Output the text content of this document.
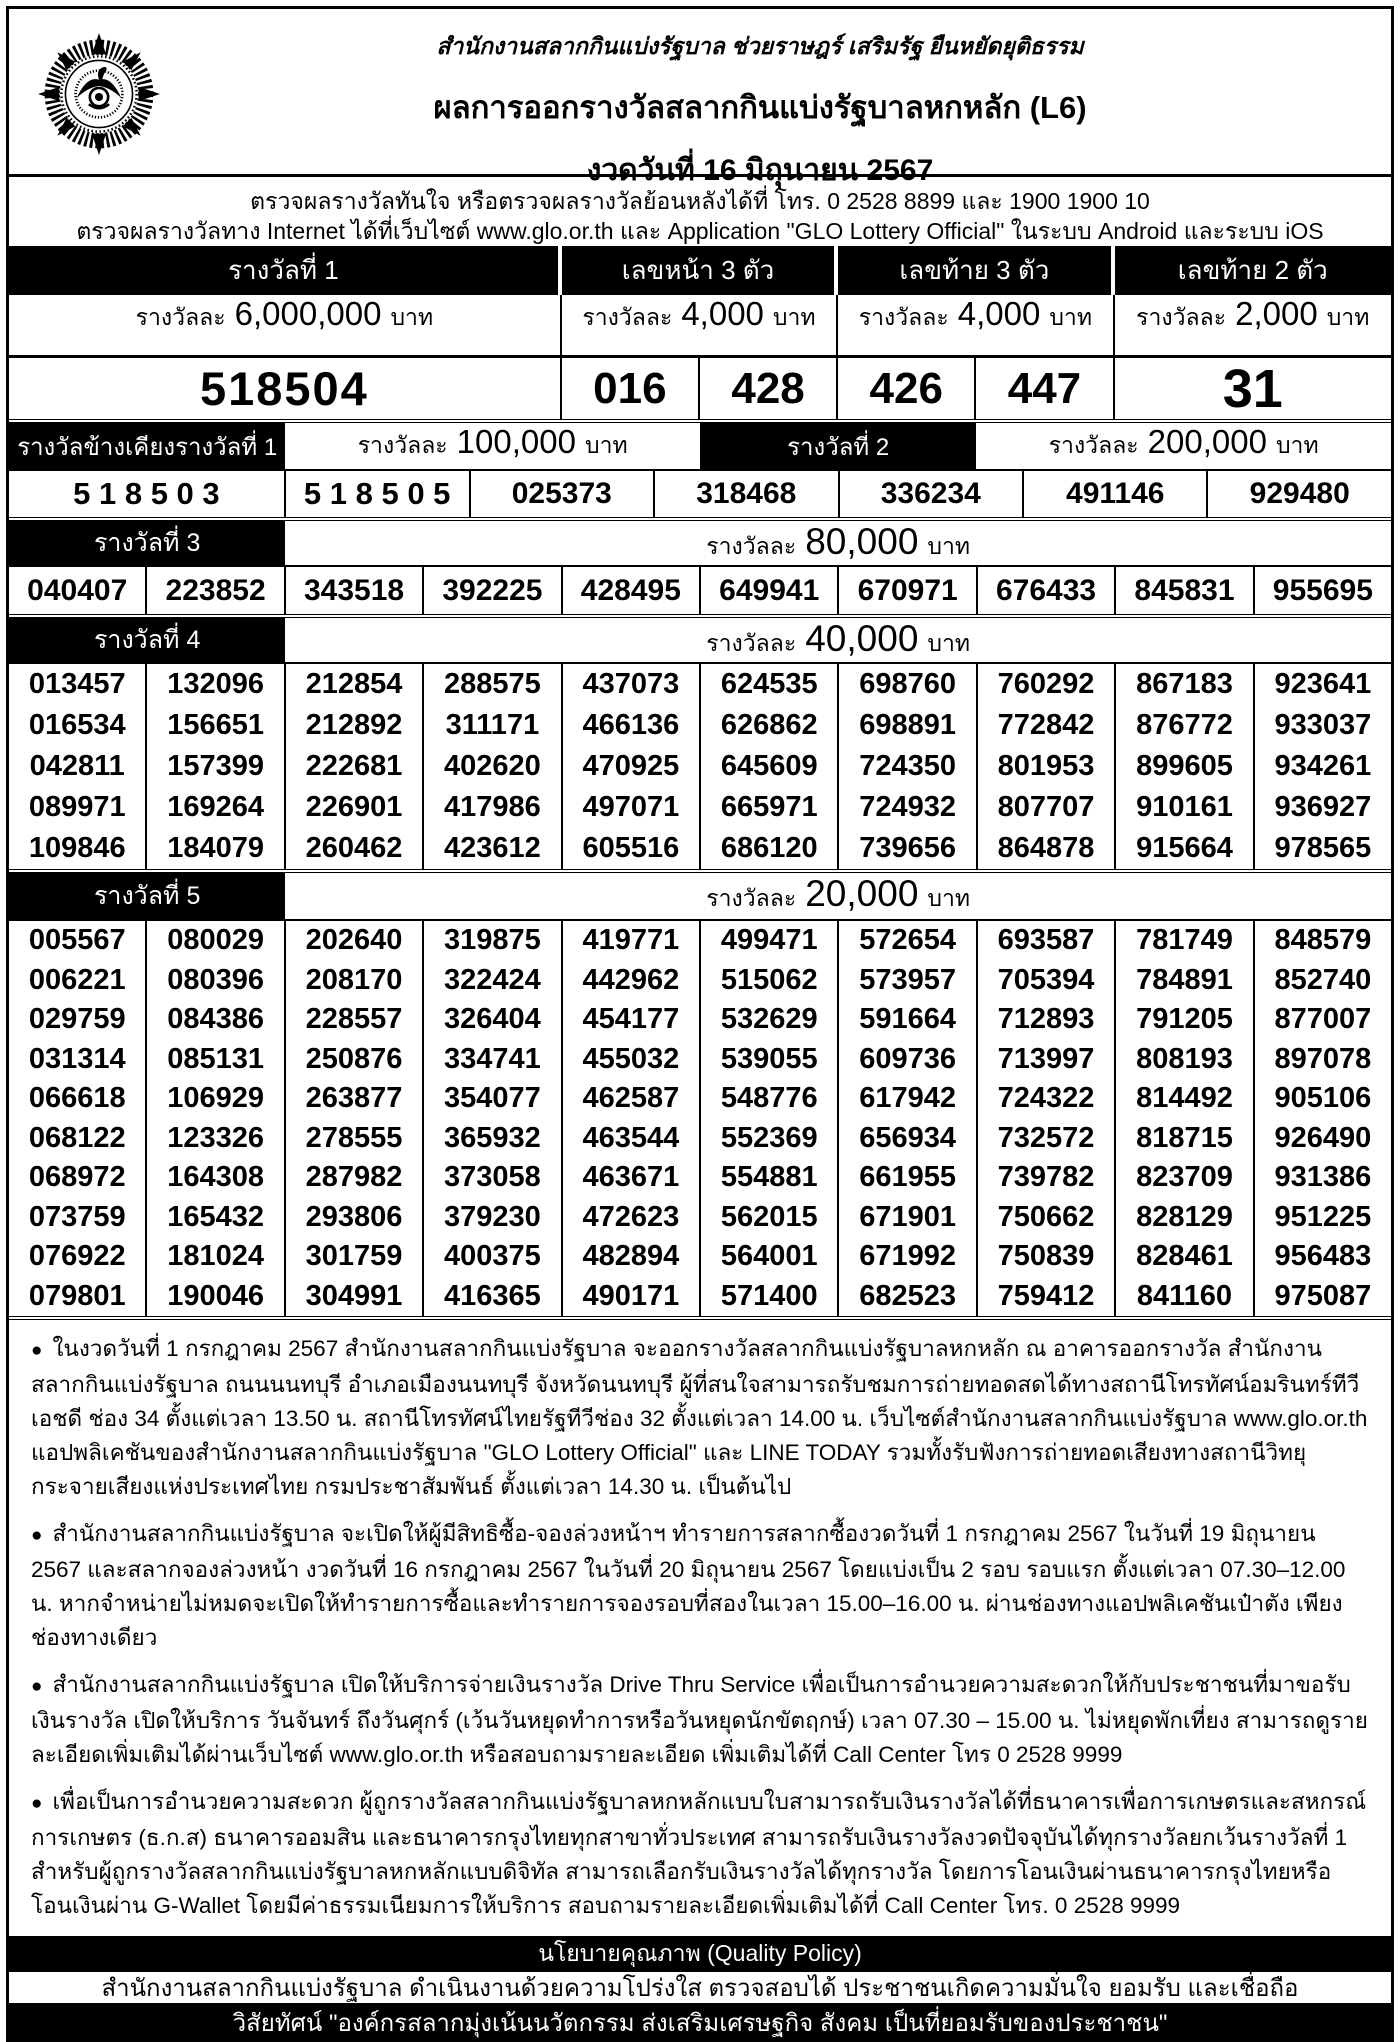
สำนักงานสลากกินแบ่งรัฐบาล ช่วยราษฎร์ เสริมรัฐ ยืนหยัดยุติธรรม
ผลการออกรางวัลสลากกินแบ่งรัฐบาลหกหลัก (L6)
งวดวันที่ 16 มิถุนายน 2567
ตรวจผลรางวัลทันใจ หรือตรวจผลรางวัลย้อนหลังได้ที่ โทร. 0 2528 8899 และ 1900 1900 10
ตรวจผลรางวัลทาง Internet ได้ที่เว็บไซต์ www.glo.or.th และ Application "GLO Lottery Official" ในระบบ Android และระบบ iOS
รางวัลที่ 1	เลขหน้า 3 ตัว	เลขท้าย 3 ตัว	เลขท้าย 2 ตัว
รางวัลละ 6,000,000 บาท	รางวัลละ 4,000 บาท รางวัลละ 4,000 บาท รางวัลละ 2,000 บาท
518504	016	428	426	447	31
รางวัลข้างเคียงรางวัลที่ 1	รางวัลละ 100,000 บาท	รางวัลที่ 2	รางวัลละ 200,000 บาท
5 1 8 5 0 3	5 1 8 5 0 5	025373	318468	336234	491146	929480
รางวัลที่ 3	รางวัลละ 80,000 บาท
040407	223852	343518	392225	428495	649941	670971	676433	845831	955695
รางวัลที่ 4	รางวัลละ 40,000 บาท
013457	132096	212854	288575	437073	624535	698760	760292	867183	923641
016534	156651	212892	311171	466136	626862	698891	772842	876772	933037
042811	157399	222681	402620	470925	645609	724350	801953	899605	934261
089971	169264	226901	417986	497071	665971	724932	807707	910161	936927
109846	184079	260462	423612	605516	686120	739656	864878	915664	978565
รางวัลที่ 5	รางวัลละ 20,000 บาท
005567	080029	202640	319875	419771	499471	572654	693587	781749	848579
006221	080396	208170	322424	442962	515062	573957	705394	784891	852740
029759	084386	228557	326404	454177	532629	591664	712893	791205	877007
031314	085131	250876	334741	455032	539055	609736	713997	808193	897078
066618	106929	263877	354077	462587	548776	617942	724322	814492	905106
068122	123326	278555	365932	463544	552369	656934	732572	818715	926490
068972	164308	287982	373058	463671	554881	661955	739782	823709	931386
073759	165432	293806	379230	472623	562015	671901	750662	828129	951225
076922	181024	301759	400375	482894	564001	671992	750839	828461	956483
079801	190046	304991	416365	490171	571400	682523	759412	841160	975087

● ในงวดวันที่ 1 กรกฎาคม 2567 สำนักงานสลากกินแบ่งรัฐบาล จะออกรางวัลสลากกินแบ่งรัฐบาลหกหลัก ณ อาคารออกรางวัล สำนักงานสลากกินแบ่งรัฐบาล ถนนนนทบุรี อำเภอเมืองนนทบุรี จังหวัดนนทบุรี ผู้ที่สนใจสามารถรับชมการถ่ายทอดสดได้ทางสถานีโทรทัศน์อมรินทร์ทีวี เอชดี ช่อง 34 ตั้งแต่เวลา 13.50 น. สถานีโทรทัศน์ไทยรัฐทีวีช่อง 32 ตั้งแต่เวลา 14.00 น. เว็บไซต์สำนักงานสลากกินแบ่งรัฐบาล www.glo.or.th แอปพลิเคชันของสำนักงานสลากกินแบ่งรัฐบาล "GLO Lottery Official" และ LINE TODAY รวมทั้งรับฟังการถ่ายทอดเสียงทางสถานีวิทยุกระจายเสียงแห่งประเทศไทย กรมประชาสัมพันธ์ ตั้งแต่เวลา 14.30 น. เป็นต้นไป

● สำนักงานสลากกินแบ่งรัฐบาล จะเปิดให้ผู้มีสิทธิซื้อ-จองล่วงหน้าฯ ทำรายการสลากซื้องวดวันที่ 1 กรกฎาคม 2567 ในวันที่ 19 มิถุนายน 2567 และสลากจองล่วงหน้า งวดวันที่ 16 กรกฎาคม 2567 ในวันที่ 20 มิถุนายน 2567 โดยแบ่งเป็น 2 รอบ รอบแรก ตั้งแต่เวลา 07.30–12.00 น. หากจำหน่ายไม่หมดจะเปิดให้ทำรายการซื้อและทำรายการจองรอบที่สองในเวลา 15.00–16.00 น. ผ่านช่องทางแอปพลิเคชันเป๋าตัง เพียงช่องทางเดียว

● สำนักงานสลากกินแบ่งรัฐบาล เปิดให้บริการจ่ายเงินรางวัล Drive Thru Service เพื่อเป็นการอำนวยความสะดวกให้กับประชาชนที่มาขอรับเงินรางวัล เปิดให้บริการ วันจันทร์ ถึงวันศุกร์ (เว้นวันหยุดทำการหรือวันหยุดนักขัตฤกษ์) เวลา 07.30 – 15.00 น. ไม่หยุดพักเที่ยง สามารถดูรายละเอียดเพิ่มเติมได้ผ่านเว็บไซต์ www.glo.or.th หรือสอบถามรายละเอียด เพิ่มเติมได้ที่ Call Center โทร 0 2528 9999

● เพื่อเป็นการอำนวยความสะดวก ผู้ถูกรางวัลสลากกินแบ่งรัฐบาลหกหลักแบบใบสามารถรับเงินรางวัลได้ที่ธนาคารเพื่อการเกษตรและสหกรณ์การเกษตร (ธ.ก.ส) ธนาคารออมสิน และธนาคารกรุงไทยทุกสาขาทั่วประเทศ สามารถรับเงินรางวัลงวดปัจจุบันได้ทุกรางวัลยกเว้นรางวัลที่ 1 สำหรับผู้ถูกรางวัลสลากกินแบ่งรัฐบาลหกหลักแบบดิจิทัล สามารถเลือกรับเงินรางวัลได้ทุกรางวัล โดยการโอนเงินผ่านธนาคารกรุงไทยหรือโอนเงินผ่าน G-Wallet โดยมีค่าธรรมเนียมการให้บริการ สอบถามรายละเอียดเพิ่มเติมได้ที่ Call Center โทร. 0 2528 9999

นโยบายคุณภาพ (Quality Policy)
สำนักงานสลากกินแบ่งรัฐบาล ดำเนินงานด้วยความโปร่งใส ตรวจสอบได้ ประชาชนเกิดความมั่นใจ ยอมรับ และเชื่อถือ
วิสัยทัศน์ "องค์กรสลากมุ่งเน้นนวัตกรรม ส่งเสริมเศรษฐกิจ สังคม เป็นที่ยอมรับของประชาชน"
